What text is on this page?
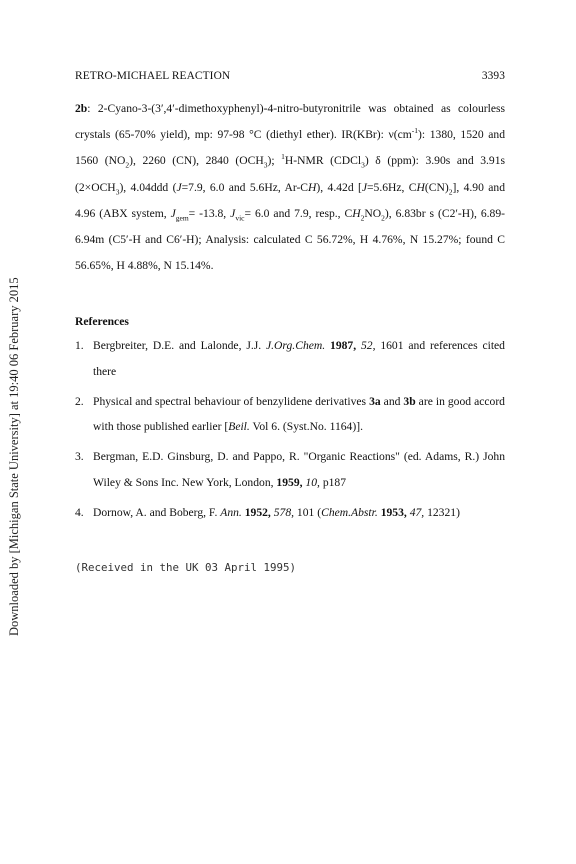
Downloaded by [Michigan State University] at 19:40 06 February 2015
RETRO-MICHAEL REACTION	3393

2b: 2-Cyano-3-(3′,4′-dimethoxyphenyl)-4-nitro-butyronitrile was obtained as colourless crystals (65-70% yield), mp: 97-98 °C (diethyl ether). IR(KBr): $\nu(cm^{-1})$: 1380, 1520 and 1560 $(NO_2)$, 2260 (CN), 2840 $(OCH_3)$; $^1$H-NMR (CDCl$_3$) δ (ppm): 3.90s and 3.91s $(2\times OCH_3)$, 4.04ddd (J=7.9, 6.0 and 5.6Hz, Ar-CH), 4.42d [J=5.6Hz, $CH(CN)_2$], 4.90 and 4.96 (ABX system, $J_{gem}= -13.8$, $J_{vic}= 6.0$ and 7.9, resp., $CH_2NO_2$), 6.83br s (C2′-H), 6.89-6.94m (C5′-H and C6′-H); Analysis: calculated C 56.72%, H 4.76%, N 15.27%; found C 56.65%, H 4.88%, N 15.14%.

References
1. Bergbreiter, D.E. and Lalonde, J.J. J.Org.Chem. 1987, 52, 1601 and references cited there
2. Physical and spectral behaviour of benzylidene derivatives 3a and 3b are in good accord with those published earlier [Beil. Vol 6. (Syst.No. 1164)].
3. Bergman, E.D. Ginsburg, D. and Pappo, R. "Organic Reactions" (ed. Adams, R.) John Wiley & Sons Inc. New York, London, 1959, 10, p187
4. Dornow, A. and Boberg, F. Ann. 1952, 578, 101 (Chem.Abstr. 1953, 47, 12321)
(Received in the UK 03 April 1995)
